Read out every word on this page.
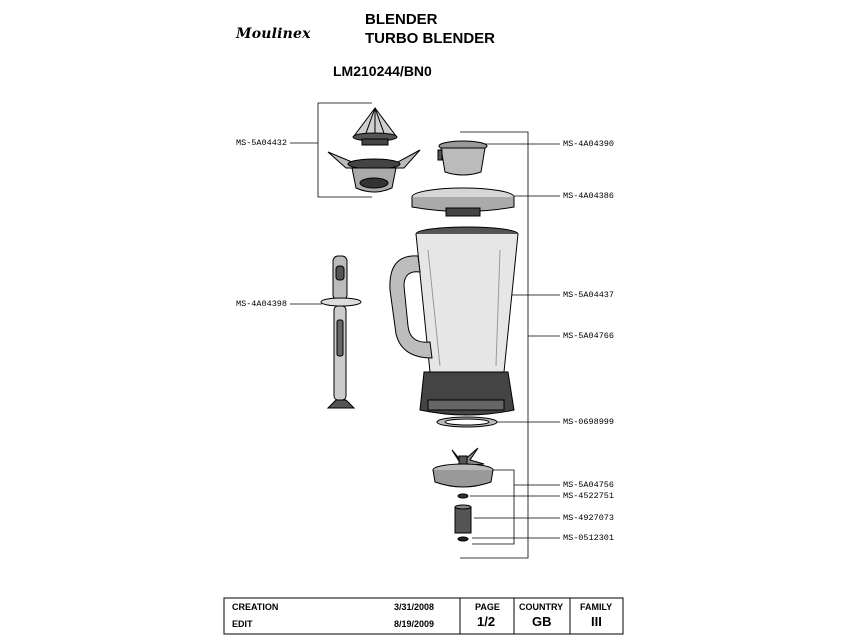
Moulinex
BLENDER
TURBO BLENDER
LM210244/BN0
MS-5A04432
MS-4A04398
MS-4A04390
MS-4A04386
MS-5A04437
MS-5A04766
MS-0698999
MS-5A04756
MS-4522751
MS-4927073
MS-0512301
CREATION	3/31/2008
EDIT	8/19/2009
PAGE
1/2
COUNTRY
GB
FAMILY
III
